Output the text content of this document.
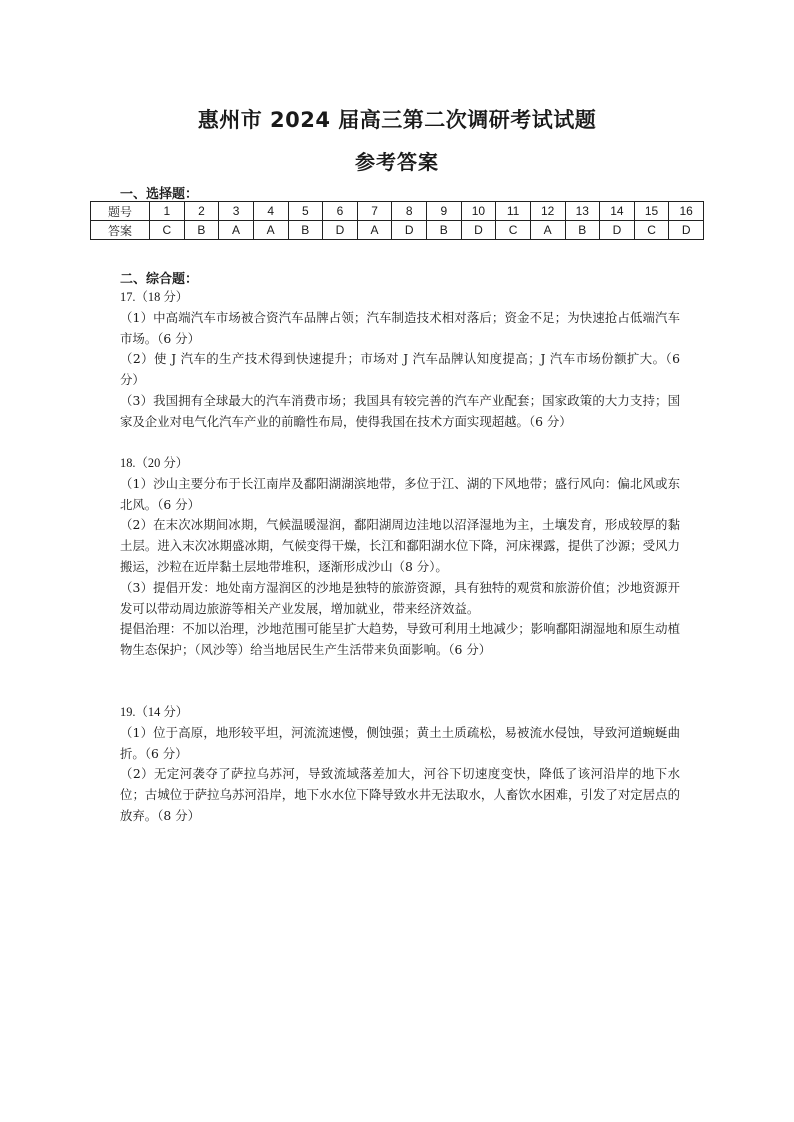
惠州市 2024 届高三第二次调研考试试题
参考答案
一、选择题：
题号	1	2	3	4	5	6	7	8	9	10	11	12	13	14	15	16
答案	C	B	A	A	B	D	A	D	B	D	C	A	B	D	C	D
二、综合题：

17.（18 分）

（1）中高端汽车市场被合资汽车品牌占领；汽车制造技术相对落后；资金不足；为快速抢占低端汽车市场。（6 分）

（2）使 J 汽车的生产技术得到快速提升；市场对 J 汽车品牌认知度提高；J 汽车市场份额扩大。（6 分）

（3）我国拥有全球最大的汽车消费市场；我国具有较完善的汽车产业配套；国家政策的大力支持；国家及企业对电气化汽车产业的前瞻性布局，使得我国在技术方面实现超越。（6 分）

18.（20 分）

（1）沙山主要分布于长江南岸及鄱阳湖湖滨地带，多位于江、湖的下风地带；盛行风向：偏北风或东北风。（6 分）

（2）在末次冰期间冰期，气候温暖湿润，鄱阳湖周边洼地以沼泽湿地为主，土壤发育，形成较厚的黏土层。进入末次冰期盛冰期，气候变得干燥，长江和鄱阳湖水位下降，河床裸露，提供了沙源；受风力搬运，沙粒在近岸黏土层地带堆积，逐渐形成沙山（8 分）。

（3）提倡开发：地处南方湿润区的沙地是独特的旅游资源，具有独特的观赏和旅游价值；沙地资源开发可以带动周边旅游等相关产业发展，增加就业，带来经济效益。

提倡治理：不加以治理，沙地范围可能呈扩大趋势，导致可利用土地减少；影响鄱阳湖湿地和原生动植物生态保护；（风沙等）给当地居民生产生活带来负面影响。（6 分）

19.（14 分）

（1）位于高原，地形较平坦，河流流速慢，侧蚀强；黄土土质疏松，易被流水侵蚀，导致河道蜿蜒曲折。（6 分）

（2）无定河袭夺了萨拉乌苏河，导致流域落差加大，河谷下切速度变快，降低了该河沿岸的地下水位；古城位于萨拉乌苏河沿岸，地下水水位下降导致水井无法取水，人畜饮水困难，引发了对定居点的放弃。（8 分）
